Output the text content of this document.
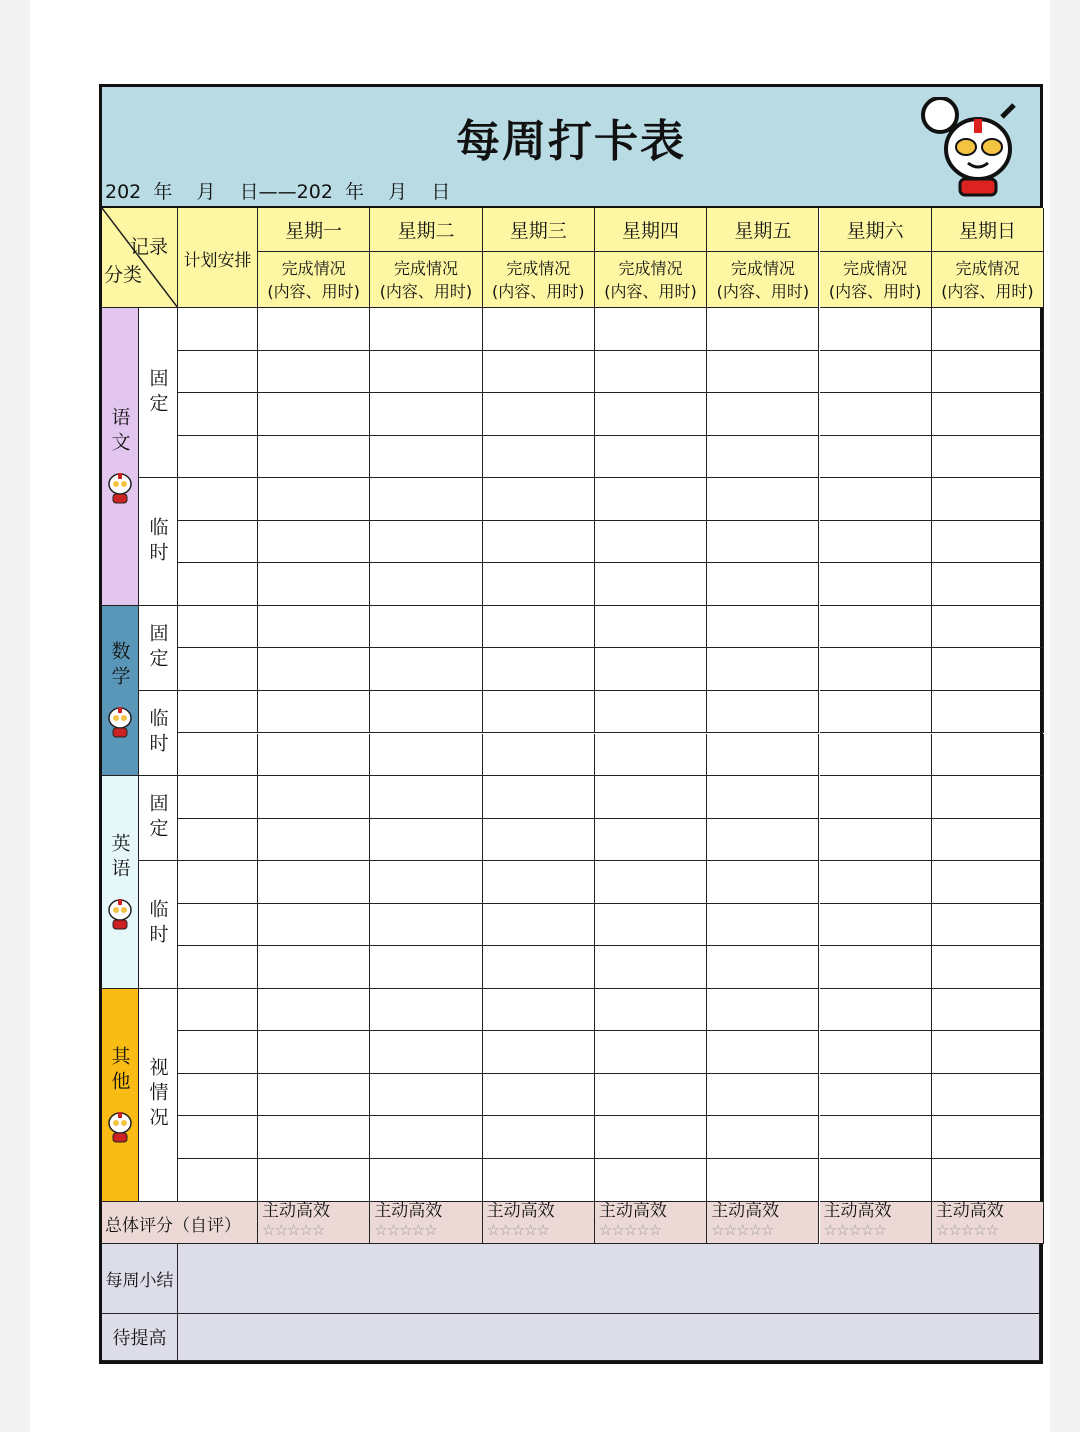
每周打卡表
202  年    月    日——202  年    月    日
记录
分类
计划安排
星期一
完成情况
(内容、用时)
星期二
完成情况
(内容、用时)
星期三
完成情况
(内容、用时)
星期四
完成情况
(内容、用时)
星期五
完成情况
(内容、用时)
星期六
完成情况
(内容、用时)
星期日
完成情况
(内容、用时)
语文
固定
临时
数学 固定
临时
英语
固定
临时
其他 视情况
总体评分（自评）
主动高效
☆☆☆☆☆
主动高效
☆☆☆☆☆
主动高效
☆☆☆☆☆
主动高效
☆☆☆☆☆
主动高效
☆☆☆☆☆
主动高效
☆☆☆☆☆
主动高效
☆☆☆☆☆
每周小结
待提高
